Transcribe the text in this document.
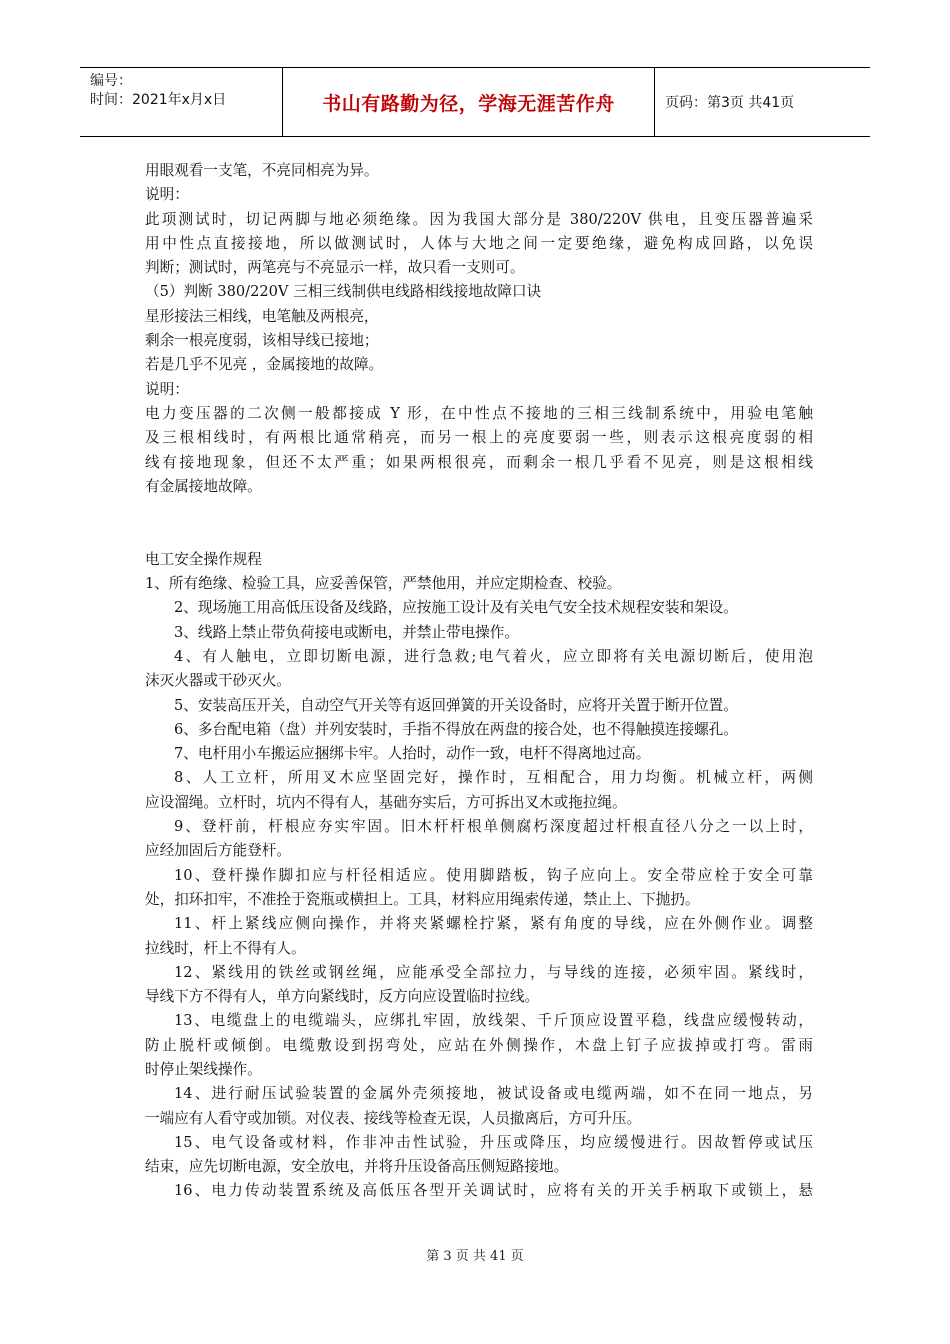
编号：
时间：2021年x月x日	书山有路勤为径，学海无涯苦作舟	页码：第3页 共41页

用眼观看一支笔，不亮同相亮为异。

说明：

此项测试时，切记两脚与地必须绝缘。因为我国大部分是 380/220V 供电，且变压器普遍采

用中性点直接接地，所以做测试时，人体与大地之间一定要绝缘，避免构成回路，以免误

判断；测试时，两笔亮与不亮显示一样，故只看一支则可。

（5）判断 380/220V 三相三线制供电线路相线接地故障口诀

星形接法三相线，电笔触及两根亮，

剩余一根亮度弱，该相导线已接地；

若是几乎不见亮 ，金属接地的故障。

说明：

电力变压器的二次侧一般都接成 Y 形，在中性点不接地的三相三线制系统中，用验电笔触

及三根相线时，有两根比通常稍亮，而另一根上的亮度要弱一些，则表示这根亮度弱的相

线有接地现象，但还不太严重；如果两根很亮，而剩余一根几乎看不见亮，则是这根相线

有金属接地故障。

电工安全操作规程

1、所有绝缘、检验工具，应妥善保管，严禁他用，并应定期检查、校验。

2、现场施工用高低压设备及线路，应按施工设计及有关电气安全技术规程安装和架设。

3、线路上禁止带负荷接电或断电，并禁止带电操作。

4、有人触电，立即切断电源，进行急救;电气着火，应立即将有关电源切断后，使用泡

沫灭火器或干砂灭火。

5、安装高压开关，自动空气开关等有返回弹簧的开关设备时，应将开关置于断开位置。

6、多台配电箱（盘）并列安装时，手指不得放在两盘的接合处，也不得触摸连接螺孔。

7、电杆用小车搬运应捆绑卡牢。人抬时，动作一致，电杆不得离地过高。

8、人工立杆，所用叉木应坚固完好，操作时，互相配合，用力均衡。机械立杆，两侧

应设溜绳。立杆时，坑内不得有人，基础夯实后，方可拆出叉木或拖拉绳。

9、登杆前，杆根应夯实牢固。旧木杆杆根单侧腐朽深度超过杆根直径八分之一以上时，

应经加固后方能登杆。

10、登杆操作脚扣应与杆径相适应。使用脚踏板，钩子应向上。安全带应栓于安全可靠

处，扣环扣牢，不准拴于瓷瓶或横担上。工具，材料应用绳索传递，禁止上、下抛扔。

11、杆上紧线应侧向操作，并将夹紧螺栓拧紧，紧有角度的导线，应在外侧作业。调整

拉线时，杆上不得有人。

12、紧线用的铁丝或钢丝绳，应能承受全部拉力，与导线的连接，必须牢固。紧线时，

导线下方不得有人，单方向紧线时，反方向应设置临时拉线。

13、电缆盘上的电缆端头，应绑扎牢固，放线架、千斤顶应设置平稳，线盘应缓慢转动，

防止脱杆或倾倒。电缆敷设到拐弯处，应站在外侧操作，木盘上钉子应拔掉或打弯。雷雨

时停止架线操作。

14、进行耐压试验装置的金属外壳须接地，被试设备或电缆两端，如不在同一地点，另

一端应有人看守或加锁。对仪表、接线等检查无误，人员撤离后，方可升压。

15、电气设备或材料，作非冲击性试验，升压或降压，均应缓慢进行。因故暂停或试压

结束，应先切断电源，安全放电，并将升压设备高压侧短路接地。

16、电力传动装置系统及高低压各型开关调试时，应将有关的开关手柄取下或锁上，悬

第 3 页 共 41 页
